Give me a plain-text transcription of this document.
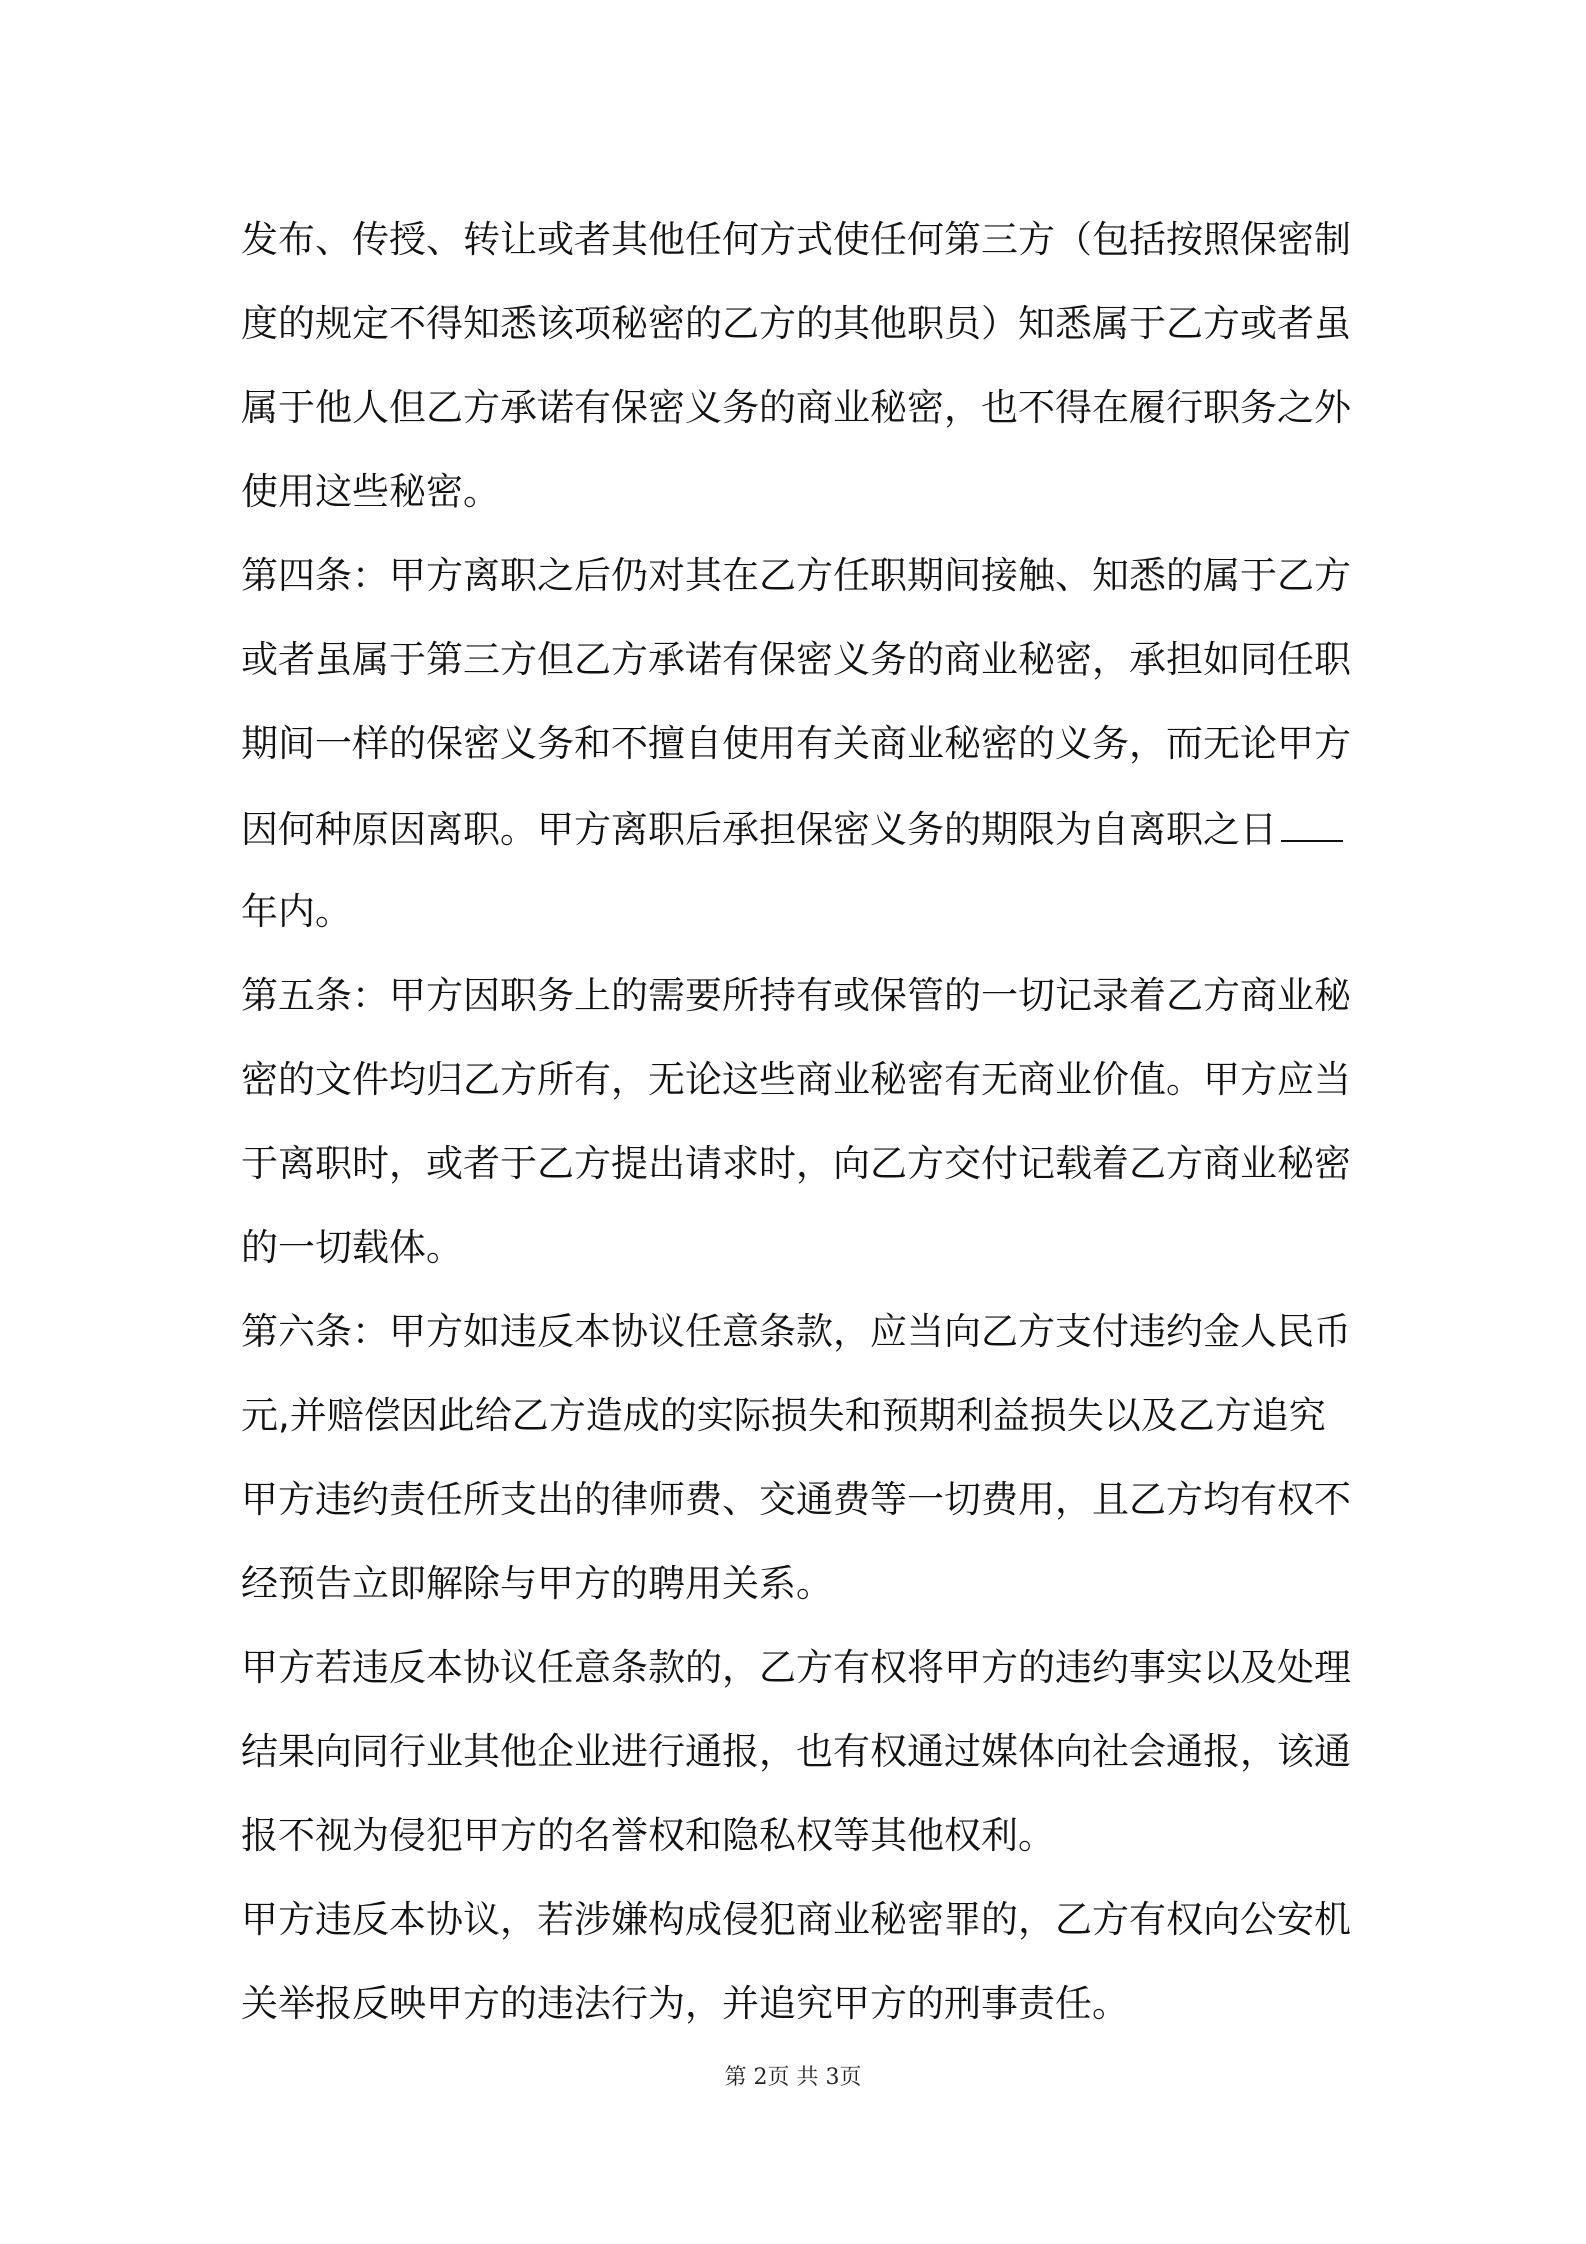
发布、传授、转让或者其他任何方式使任何第三方（包括按照保密制
度的规定不得知悉该项秘密的乙方的其他职员）知悉属于乙方或者虽
属于他人但乙方承诺有保密义务的商业秘密，也不得在履行职务之外
使用这些秘密。
第四条：甲方离职之后仍对其在乙方任职期间接触、知悉的属于乙方
或者虽属于第三方但乙方承诺有保密义务的商业秘密，承担如同任职
期间一样的保密义务和不擅自使用有关商业秘密的义务，而无论甲方
因何种原因离职。甲方离职后承担保密义务的期限为自离职之日
年内。
第五条：甲方因职务上的需要所持有或保管的一切记录着乙方商业秘
密的文件均归乙方所有，无论这些商业秘密有无商业价值。甲方应当
于离职时，或者于乙方提出请求时，向乙方交付记载着乙方商业秘密
的一切载体。
第六条：甲方如违反本协议任意条款，应当向乙方支付违约金人民币
元,并赔偿因此给乙方造成的实际损失和预期利益损失以及乙方追究
甲方违约责任所支出的律师费、交通费等一切费用，且乙方均有权不
经预告立即解除与甲方的聘用关系。
甲方若违反本协议任意条款的，乙方有权将甲方的违约事实以及处理
结果向同行业其他企业进行通报，也有权通过媒体向社会通报，该通
报不视为侵犯甲方的名誉权和隐私权等其他权利。
甲方违反本协议，若涉嫌构成侵犯商业秘密罪的，乙方有权向公安机
关举报反映甲方的违法行为，并追究甲方的刑事责任。
第 2页 共 3页
